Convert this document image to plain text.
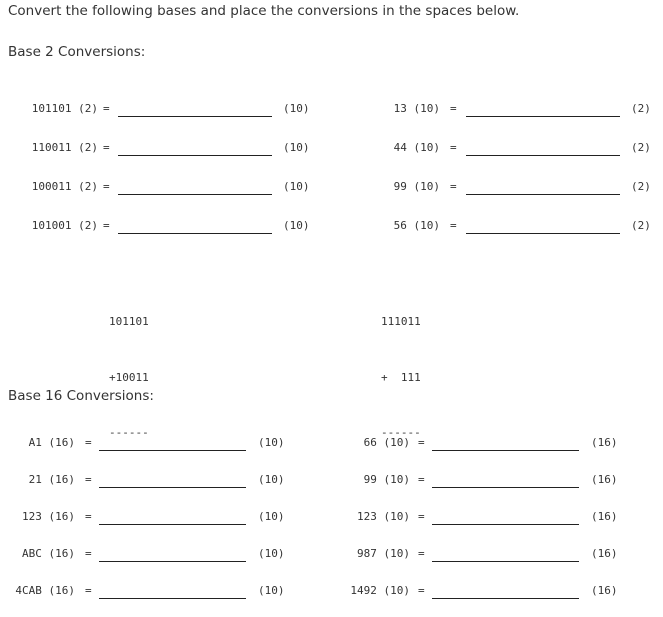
Convert the following bases and place the conversions in the spaces below.
Base 2 Conversions:
101101 (2) =	(10)	13 (10) =	(2)
110011 (2) =	(10)	44 (10) =	(2)
100011 (2) =	(10)	99 (10) =	(2)
101001 (2) =	(10)	56 (10) =	(2)

101101

+10011

------

111011

+  111

------

Base 16 Conversions:
A1 (16) =	(10)	66 (10) =	(16)
21 (16) =	(10)	99 (10) =	(16)
123 (16) =	(10)	123 (10) =	(16)
ABC (16) =	(10)	987 (10) =	(16)
4CAB (16) =	(10)	1492 (10) =	(16)
